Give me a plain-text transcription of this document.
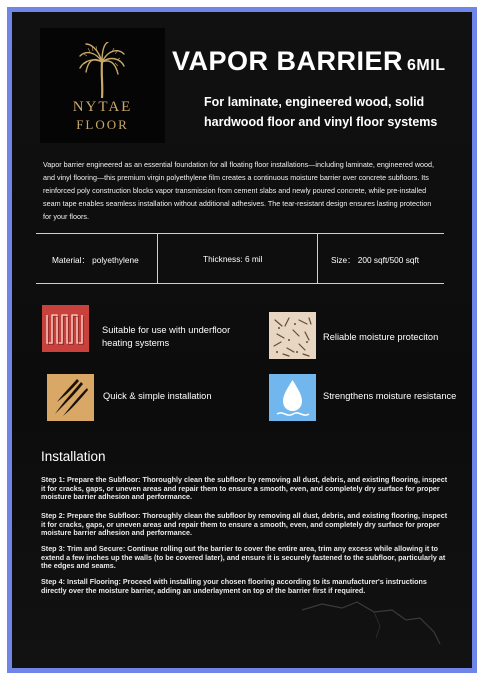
NYTAE
FLOOR
VAPOR BARRIER 6MIL
For laminate, engineered wood, solid hardwood floor and vinyl floor systems
Vapor barrier engineered as an essential foundation for all floating floor installations—including laminate, engineered wood, and vinyl flooring—this premium virgin polyethylene film creates a continuous moisture barrier over concrete subfloors. Its reinforced poly construction blocks vapor transmission from cement slabs and newly poured concrete, while pre-installed seam tape enables seamless installation without additional adhesives. The tear-resistant design ensures lasting protection for your floors.
Material： polyethylene	Thickness: 6 mil	Size： 200 sqft/500 sqft
Suitable for use with underfloor heating systems
Reliable moisture proteciton
Quick & simple installation	Strengthens moisture resistance
Installation
Step 1: Prepare the Subfloor: Thoroughly clean the subfloor by removing all dust, debris, and existing flooring, inspect it for cracks, gaps, or uneven areas and repair them to ensure a smooth, even, and completely dry surface for proper moisture barrier adhesion and performance.
Step 2: Prepare the Subfloor: Thoroughly clean the subfloor by removing all dust, debris, and existing flooring, inspect it for cracks, gaps, or uneven areas and repair them to ensure a smooth, even, and completely dry surface for proper moisture barrier adhesion and performance.
Step 3: Trim and Secure: Continue rolling out the barrier to cover the entire area, trim any excess while allowing it to extend a few inches up the walls (to be covered later), and ensure it is securely fastened to the subfloor, particularly at the edges and seams.
Step 4: Install Flooring: Proceed with installing your chosen flooring according to its manufacturer's instructions directly over the moisture barrier, adding an underlayment on top of the barrier first if required.
